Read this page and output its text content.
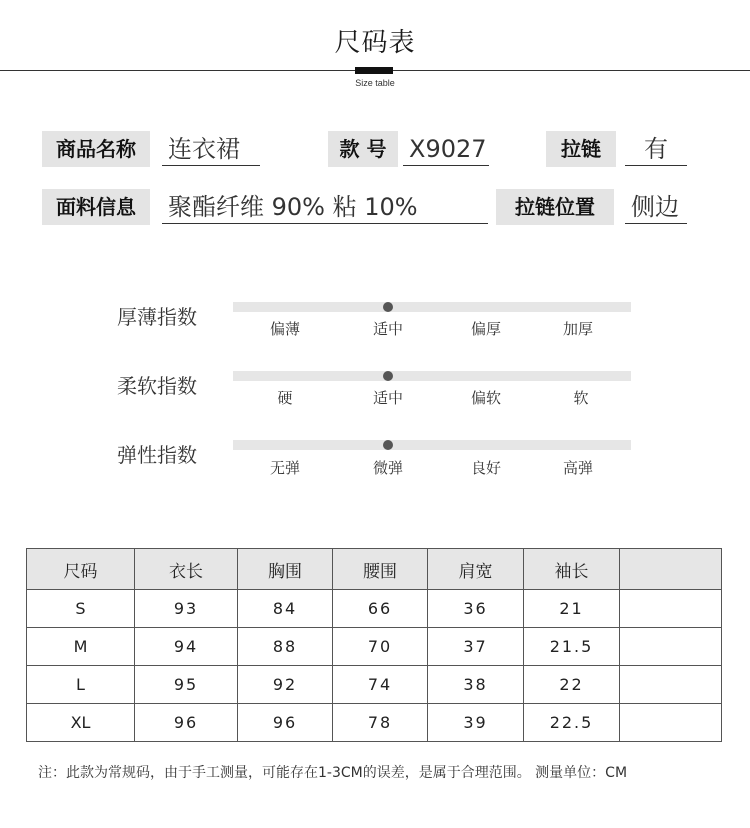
尺码表
Size table
商品名称	连衣裙	款 号 X9027	拉链	有
面料信息	聚酯纤维 90% 粘 10%	拉链位置	侧边
厚薄指数	偏薄	适中	偏厚	加厚
柔软指数	硬	适中	偏软	软
弹性指数
无弹	微弹	良好	高弹
尺码	衣长	胸围	腰围	肩宽	袖长	
S	93	84	66	36	21	
M	94	88	70	37	21.5	
L	95	92	74	38	22	
XL	96	96	78	39	22.5	
注：此款为常规码，由于手工测量，可能存在1-3CM的误差，是属于合理范围。 测量单位：CM
